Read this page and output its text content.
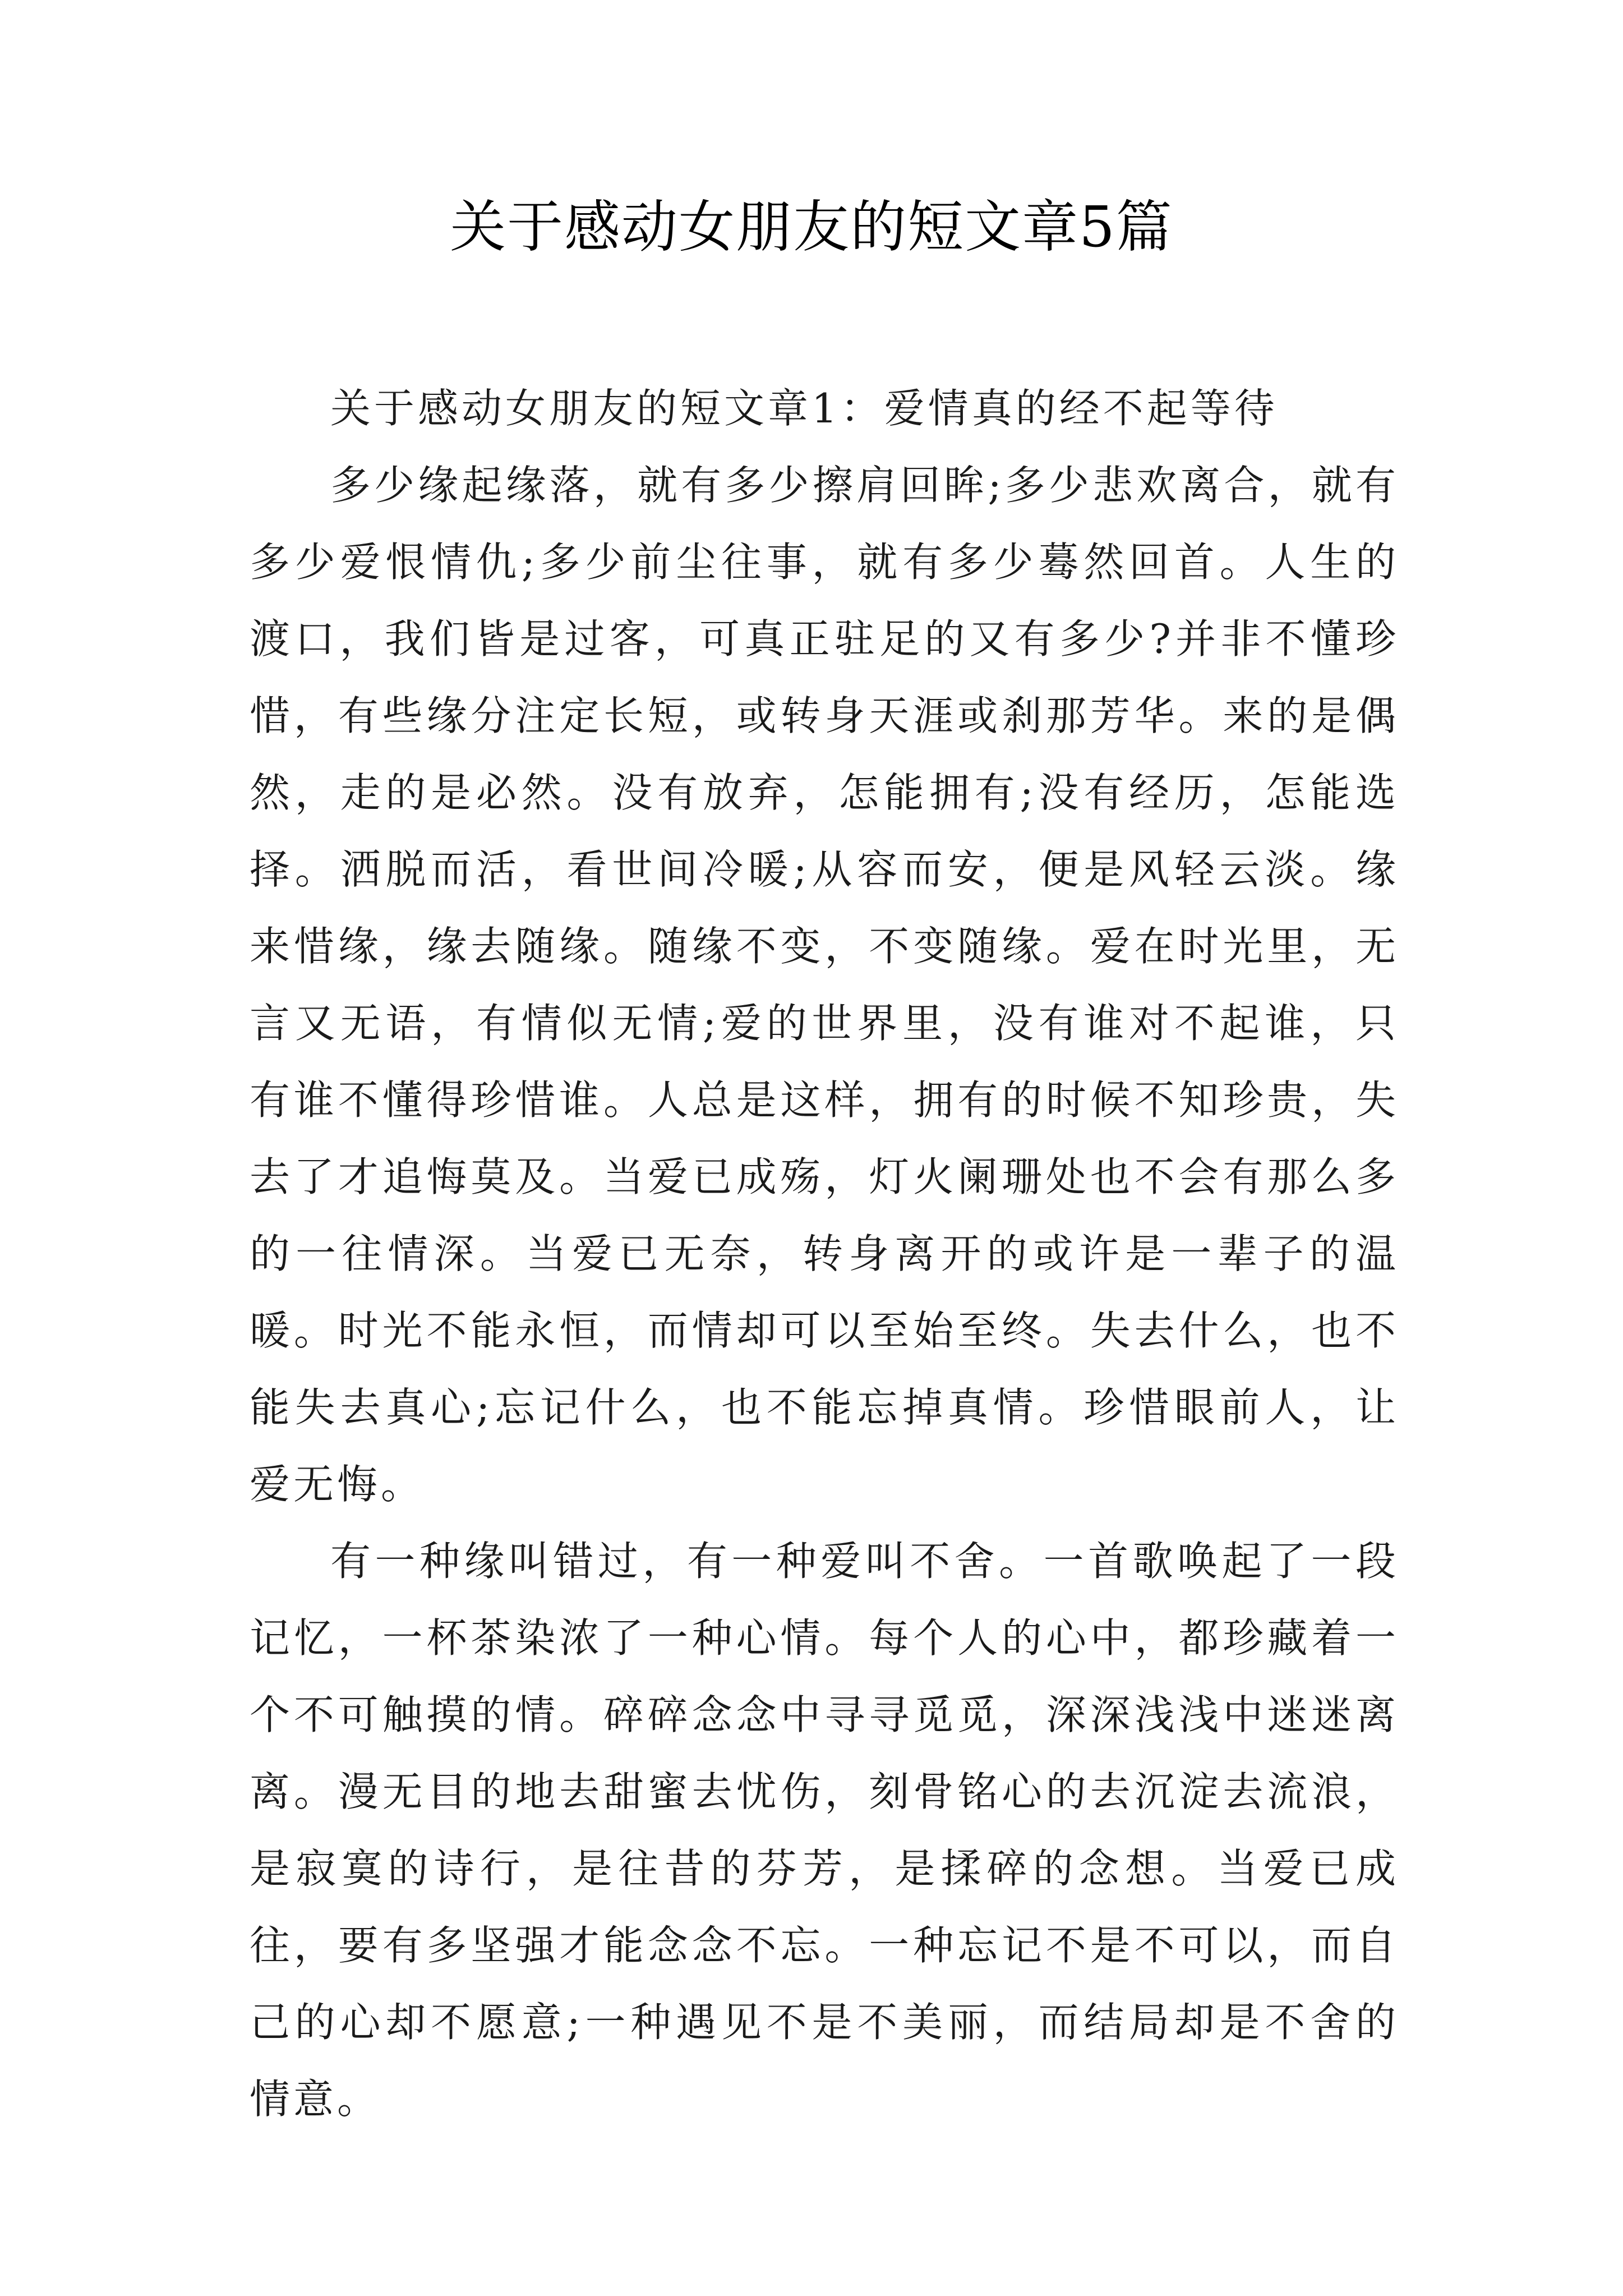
关于感动女朋友的短文章5篇

关于感动女朋友的短文章1：爱情真的经不起等待

多少缘起缘落，就有多少擦肩回眸;多少悲欢离合，就有多少爱恨情仇;多少前尘往事，就有多少蓦然回首。人生的渡口，我们皆是过客，可真正驻足的又有多少?并非不懂珍惜，有些缘分注定长短，或转身天涯或刹那芳华。来的是偶然，走的是必然。没有放弃，怎能拥有;没有经历，怎能选择。洒脱而活，看世间冷暖;从容而安，便是风轻云淡。缘来惜缘，缘去随缘。随缘不变，不变随缘。爱在时光里，无言又无语，有情似无情;爱的世界里，没有谁对不起谁，只有谁不懂得珍惜谁。人总是这样，拥有的时候不知珍贵，失去了才追悔莫及。当爱已成殇，灯火阑珊处也不会有那么多的一往情深。当爱已无奈，转身离开的或许是一辈子的温暖。时光不能永恒，而情却可以至始至终。失去什么，也不能失去真心;忘记什么，也不能忘掉真情。珍惜眼前人，让爱无悔。

有一种缘叫错过，有一种爱叫不舍。一首歌唤起了一段记忆，一杯茶染浓了一种心情。每个人的心中，都珍藏着一个不可触摸的情。碎碎念念中寻寻觅觅，深深浅浅中迷迷离离。漫无目的地去甜蜜去忧伤，刻骨铭心的去沉淀去流浪，是寂寞的诗行，是往昔的芬芳，是揉碎的念想。当爱已成往，要有多坚强才能念念不忘。一种忘记不是不可以，而自己的心却不愿意;一种遇见不是不美丽，而结局却是不舍的情意。
